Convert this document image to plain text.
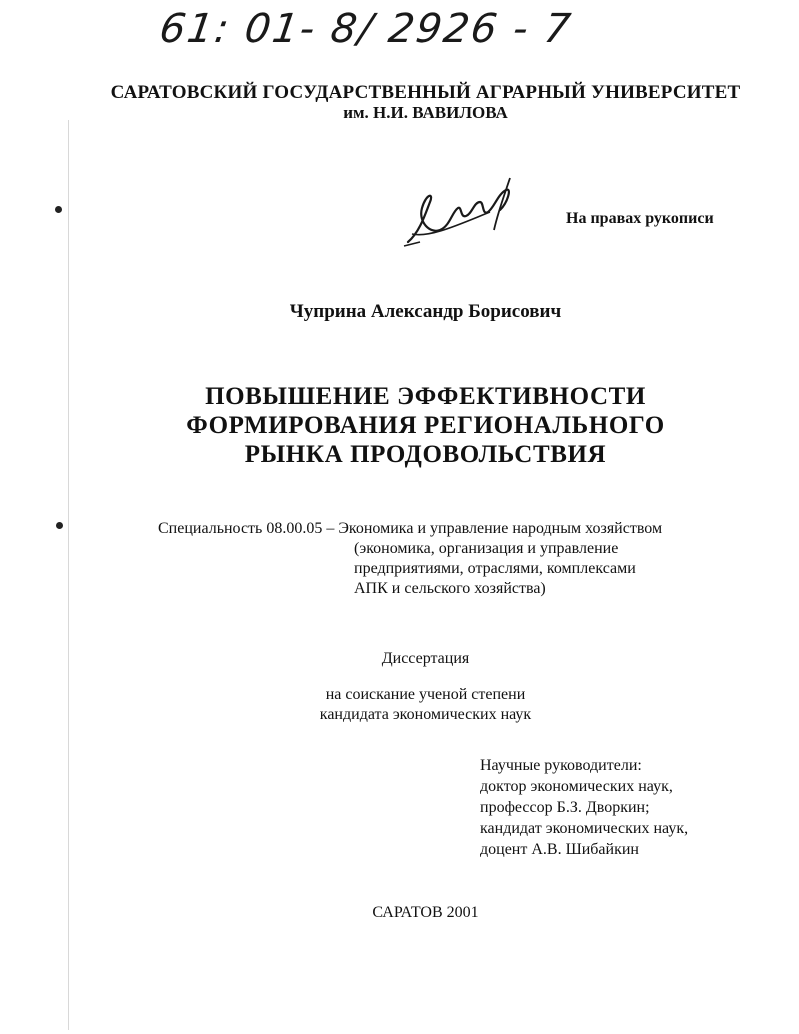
61: 01- 8/ 2926 - 7
САРАТОВСКИЙ ГОСУДАРСТВЕННЫЙ АГРАРНЫЙ УНИВЕРСИТЕТ
им. Н.И. ВАВИЛОВА
На правах рукописи
Чуприна Александр Борисович
ПОВЫШЕНИЕ ЭФФЕКТИВНОСТИ
ФОРМИРОВАНИЯ РЕГИОНАЛЬНОГО
РЫНКА ПРОДОВОЛЬСТВИЯ
Специальность 08.00.05 – Экономика и управление народным хозяйством
(экономика, организация и управление
предприятиями, отраслями, комплексами
АПК и сельского хозяйства)
Диссертация
на соискание ученой степени
кандидата экономических наук
Научные руководители:
доктор экономических наук,
профессор Б.З. Дворкин;
кандидат экономических наук,
доцент А.В. Шибайкин
САРАТОВ 2001
